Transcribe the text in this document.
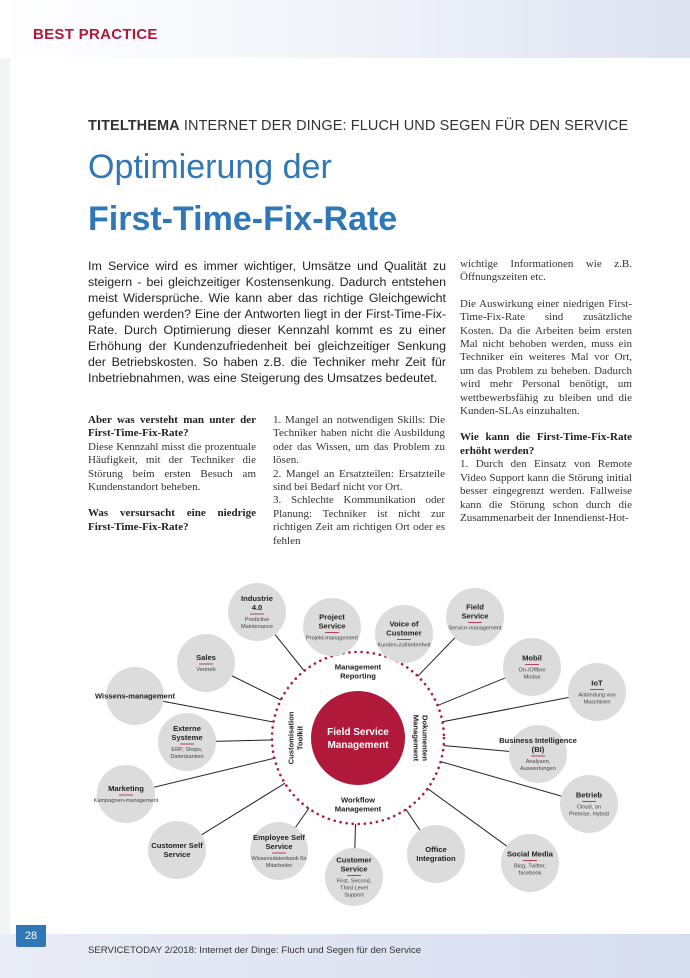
BEST PRACTICE
TITELTHEMA INTERNET DER DINGE: FLUCH UND SEGEN FÜR DEN SERVICE
Optimierung der
First-Time-Fix-Rate
Im Service wird es immer wichtiger, Umsätze und Qualität zu steigern - bei gleichzeitiger Kostensenkung. Dadurch entstehen meist Widersprüche. Wie kann aber das richtige Gleichgewicht gefunden werden? Eine der Antworten liegt in der First-Time-Fix-Rate. Durch Optimierung dieser Kennzahl kommt es zu einer Erhöhung der Kundenzufriedenheit bei gleichzeitiger Senkung der Betriebskosten. So haben z.B. die Techniker mehr Zeit für Inbetriebnahmen, was eine Steigerung des Umsatzes bedeutet.
Aber was versteht man unter der First-Time-Fix-Rate?

Diese Kennzahl misst die prozentuale Häufigkeit, mit der Techniker die Störung beim ersten Besuch am Kundenstandort beheben.

Was versursacht eine niedrige First-Time-Fix-Rate?

1. Mangel an notwendigen Skills: Die Techniker haben nicht die Ausbildung oder das Wissen, um das Problem zu lösen.

2. Mangel an Ersatzteilen: Ersatzteile sind bei Bedarf nicht vor Ort.

3. Schlechte Kommunikation oder Planung: Techniker ist nicht zur richtigen Zeit am richtigen Ort oder es fehlen

wichtige Informationen wie z.B. Öffnungszeiten etc.

Die Auswirkung einer niedrigen First-Time-Fix-Rate sind zusätzliche Kosten. Da die Arbeiten beim ersten Mal nicht behoben werden, muss ein Techniker ein weiteres Mal vor Ort, um das Problem zu beheben. Dadurch wird mehr Personal benötigt, um wettbewerbsfähig zu bleiben und die Kunden-SLAs einzuhalten.

Wie kann die First-Time-Fix-Rate erhöht werden?

1. Durch den Einsatz von Remote Video Support kann die Störung initial besser eingegrenzt werden. Fallweise kann die Störung schon durch die Zusammenarbeit der Innendienst-Hot-

Field Service
Management
Management
Reporting
Dokumenten
Management
Workflow
Management
Customisation Toolkit
Industrie
4.0
Predictive
Maintenance
Project
Service
Projekt-management
Voice of
Customer
Kunden-zufriedenheit
Field
Service
Service-management
Mobil
On-/Offline
Modus
IoT
Anbindung von
Maschinen
Business Intelligence
(BI)
Analysen,
Auswertungen
Betrieb
Cloud, on
Premise, Hybrid
Social Media
Blog, Twitter,
facebook
Office
Integration
Customer
Service
First, Second,
Third Level
Support
Employee Self
Service
Wissensdatenbank für
Mitarbeiter
Customer Self
Service
Marketing
Kampagnen-management
Externe
Systeme
ERP, Shops,
Datenbanken
Wissens-management
Sales
Vertrieb
28
SERVICETODAY 2/2018: Internet der Dinge: Fluch und Segen für den Service
